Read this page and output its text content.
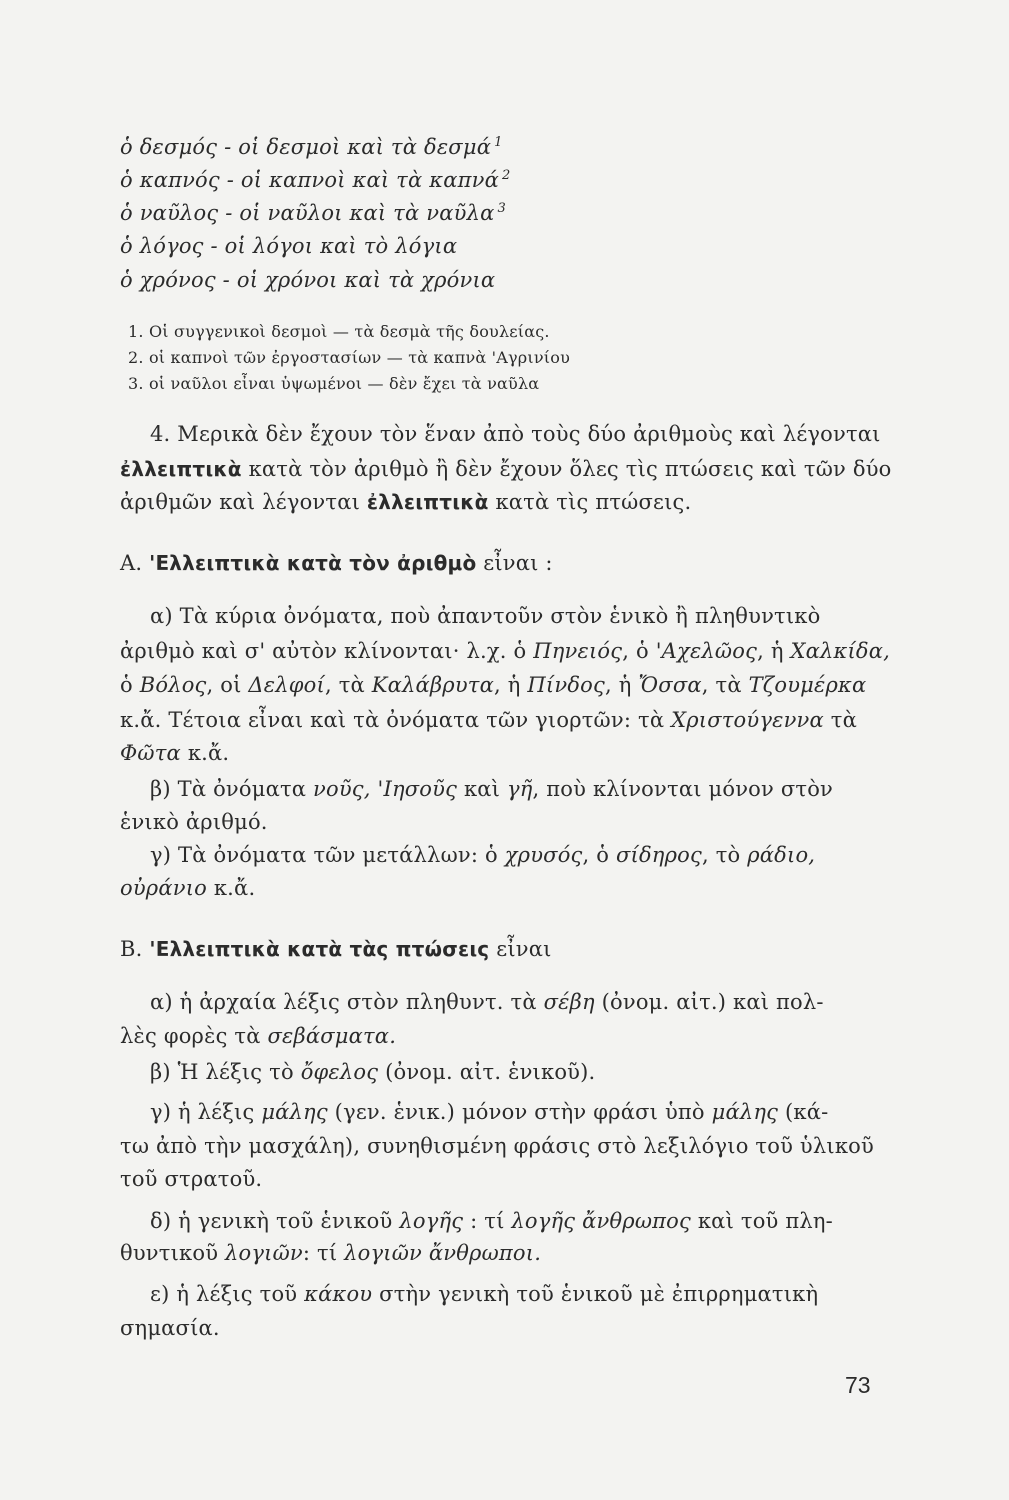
ὁ δεσμός - οἱ δεσμοὶ καὶ τὰ δεσμά $^1$
ὁ καπνός - οἱ καπνοὶ καὶ τὰ καπνά $^2$
ὁ ναῦλος - οἱ ναῦλοι καὶ τὰ ναῦλα $^3$
ὁ λόγος - οἱ λόγοι καὶ τὸ λόγια
ὁ χρόνος - οἱ χρόνοι καὶ τὰ χρόνια
1. Οἱ συγγενικοὶ δεσμοὶ — τὰ δεσμὰ τῆς δουλείας.
2. οἱ καπνοὶ τῶν ἐργοστασίων — τὰ καπνὰ 'Αγρινίου
3. οἱ ναῦλοι εἶναι ὑψωμένοι — δὲν ἔχει τὰ ναῦλα
4. Μερικὰ δὲν ἔχουν τὸν ἕναν ἀπὸ τοὺς δύο ἀριθμοὺς καὶ λέγονται
ἐλλειπτικὰ κατὰ τὸν ἀριθμὸ ἢ δὲν ἔχουν ὅλες τὶς πτώσεις καὶ τῶν δύο
ἀριθμῶν καὶ λέγονται ἐλλειπτικὰ κατὰ τὶς πτώσεις.
Α. 'Ελλειπτικὰ κατὰ τὸν ἀριθμὸ εἶναι :
α) Τὰ κύρια ὀνόματα, ποὺ ἀπαντοῦν στὸν ἑνικὸ ἢ πληθυντικὸ
ἀριθμὸ καὶ σ' αὐτὸν κλίνονται· λ.χ. ὁ Πηνειός, ὁ 'Αχελῶος, ἡ Χαλκίδα,
ὁ Βόλος, οἱ Δελφοί, τὰ Καλάβρυτα, ἡ Πίνδος, ἡ Ὄσσα, τὰ Τζουμέρκα
κ.ἄ. Τέτοια εἶναι καὶ τὰ ὀνόματα τῶν γιορτῶν: τὰ Χριστούγεννα τὰ
Φῶτα κ.ἄ.
β) Τὰ ὀνόματα νοῦς, 'Ιησοῦς καὶ γῆ, ποὺ κλίνονται μόνον στὸν
ἑνικὸ ἀριθμό.
γ) Τὰ ὀνόματα τῶν μετάλλων: ὁ χρυσός, ὁ σίδηρος, τὸ ράδιο,
οὐράνιο κ.ἄ.
Β. 'Ελλειπτικὰ κατὰ τὰς πτώσεις εἶναι
α) ἡ ἀρχαία λέξις στὸν πληθυντ. τὰ σέβη (ὀνομ. αἰτ.) καὶ πολ-
λὲς φορὲς τὰ σεβάσματα.
β) Ἡ λέξις τὸ ὄφελος (ὀνομ. αἰτ. ἑνικοῦ).
γ) ἡ λέξις μάλης (γεν. ἑνικ.) μόνον στὴν φράσι ὑπὸ μάλης (κά-
τω ἀπὸ τὴν μασχάλη), συνηθισμένη φράσις στὸ λεξιλόγιο τοῦ ὑλικοῦ
τοῦ στρατοῦ.
δ) ἡ γενικὴ τοῦ ἑνικοῦ λογῆς : τί λογῆς ἄνθρωπος καὶ τοῦ πλη-
θυντικοῦ λογιῶν: τί λογιῶν ἄνθρωποι.
ε) ἡ λέξις τοῦ κάκου στὴν γενικὴ τοῦ ἑνικοῦ μὲ ἐπιρρηματικὴ
σημασία.
73
